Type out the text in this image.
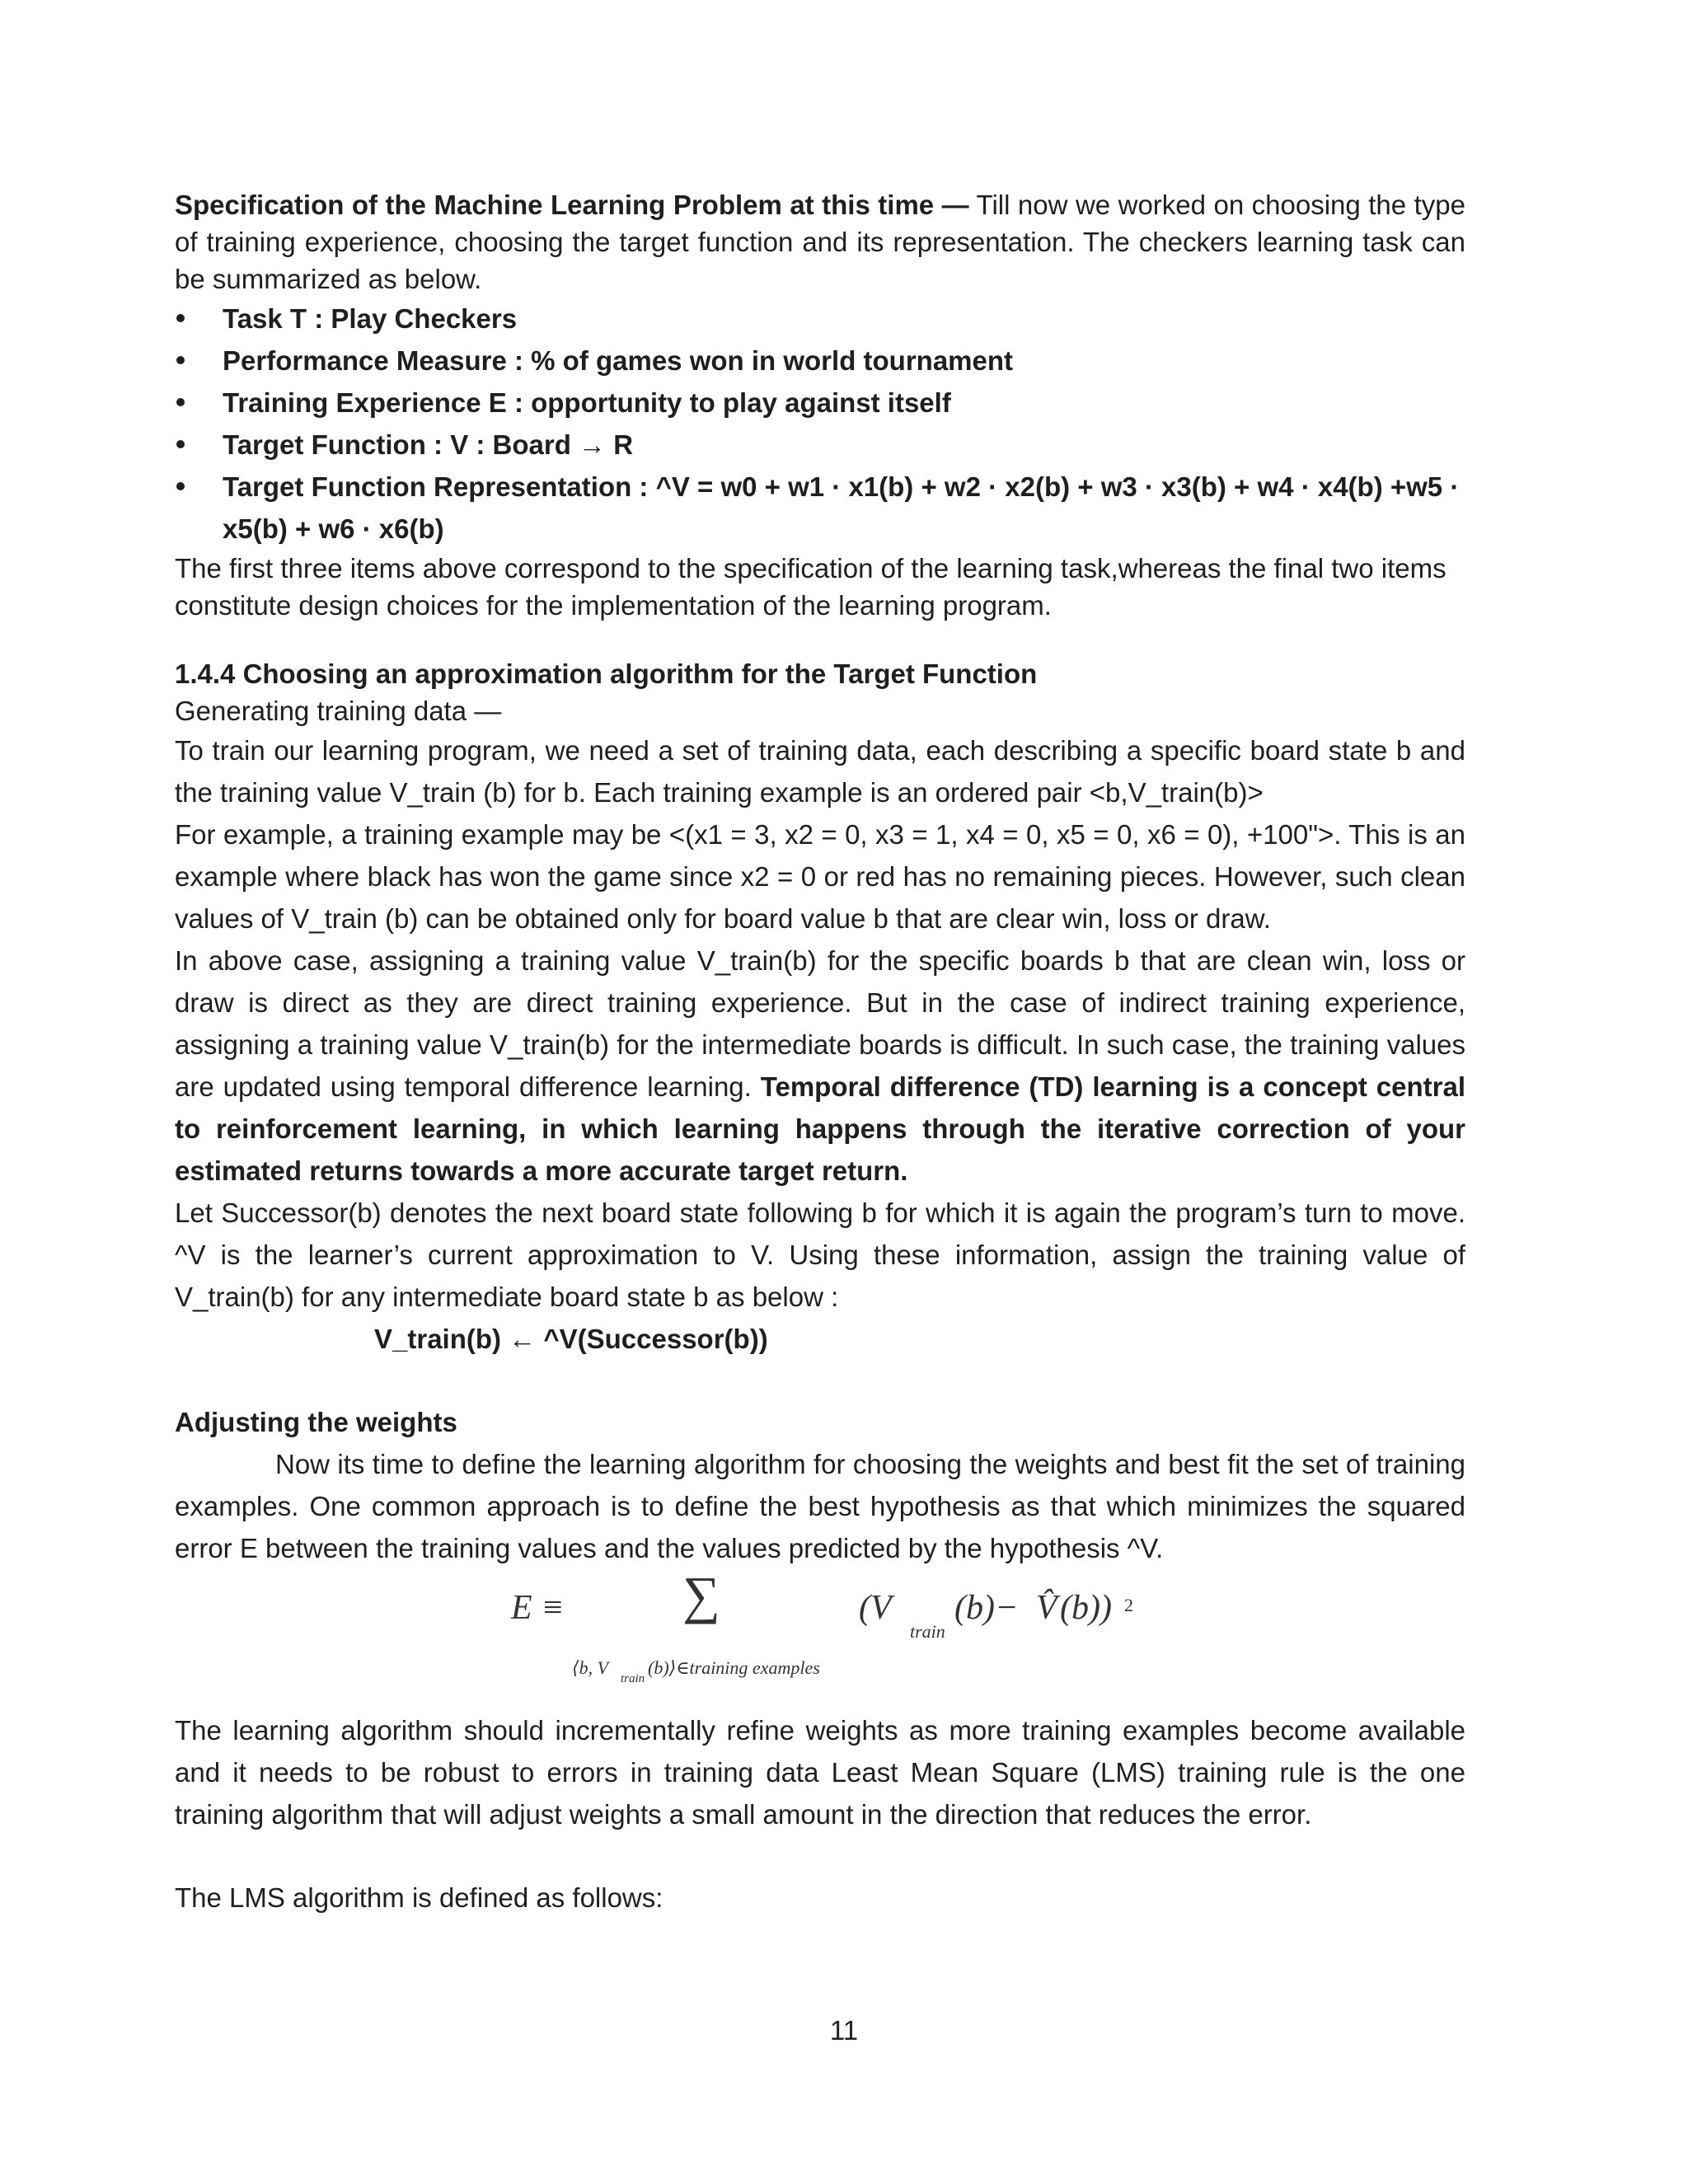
Specification of the Machine Learning Problem at this time — Till now we worked on choosing the type of training experience, choosing the target function and its representation. The checkers learning task can be summarized as below.

Task T : Play Checkers
Performance Measure : % of games won in world tournament
Training Experience E : opportunity to play against itself
Target Function : V : Board → R
Target Function Representation : ^V = w0 + w1 · x1(b) + w2 · x2(b) + w3 · x3(b) + w4 · x4(b) +w5 · x5(b) + w6 · x6(b)

The first three items above correspond to the specification of the learning task,whereas the final two items constitute design choices for the implementation of the learning program.

1.4.4 Choosing an approximation algorithm for the Target Function

Generating training data —

To train our learning program, we need a set of training data, each describing a specific board state b and the training value V_train (b) for b. Each training example is an ordered pair <b,V_train(b)>

For example, a training example may be <(x1 = 3, x2 = 0, x3 = 1, x4 = 0, x5 = 0, x6 = 0), +100">. This is an example where black has won the game since x2 = 0 or red has no remaining pieces. However, such clean values of V_train (b) can be obtained only for board value b that are clear win, loss or draw.

In above case, assigning a training value V_train(b) for the specific boards b that are clean win, loss or draw is direct as they are direct training experience. But in the case of indirect training experience, assigning a training value V_train(b) for the intermediate boards is difficult. In such case, the training values are updated using temporal difference learning. Temporal difference (TD) learning is a concept central to reinforcement learning, in which learning happens through the iterative correction of your estimated returns towards a more accurate target return.

Let Successor(b) denotes the next board state following b for which it is again the program’s turn to move. ^V is the learner’s current approximation to V. Using these information, assign the training value of V_train(b) for any intermediate board state b as below :

V_train(b) ← ^V(Successor(b))

Adjusting the weights

Now its time to define the learning algorithm for choosing the weights and best fit the set of training examples. One common approach is to define the best hypothesis as that which minimizes the squared error E between the training values and the values predicted by the hypothesis ^V.

E ≡ ∑	(V
train
(b)− V̂ (b)) 2
⟨b, V
train
(b)⟩∈training examples

The learning algorithm should incrementally refine weights as more training examples become available and it needs to be robust to errors in training data Least Mean Square (LMS) training rule is the one training algorithm that will adjust weights a small amount in the direction that reduces the error.

The LMS algorithm is defined as follows:

11
